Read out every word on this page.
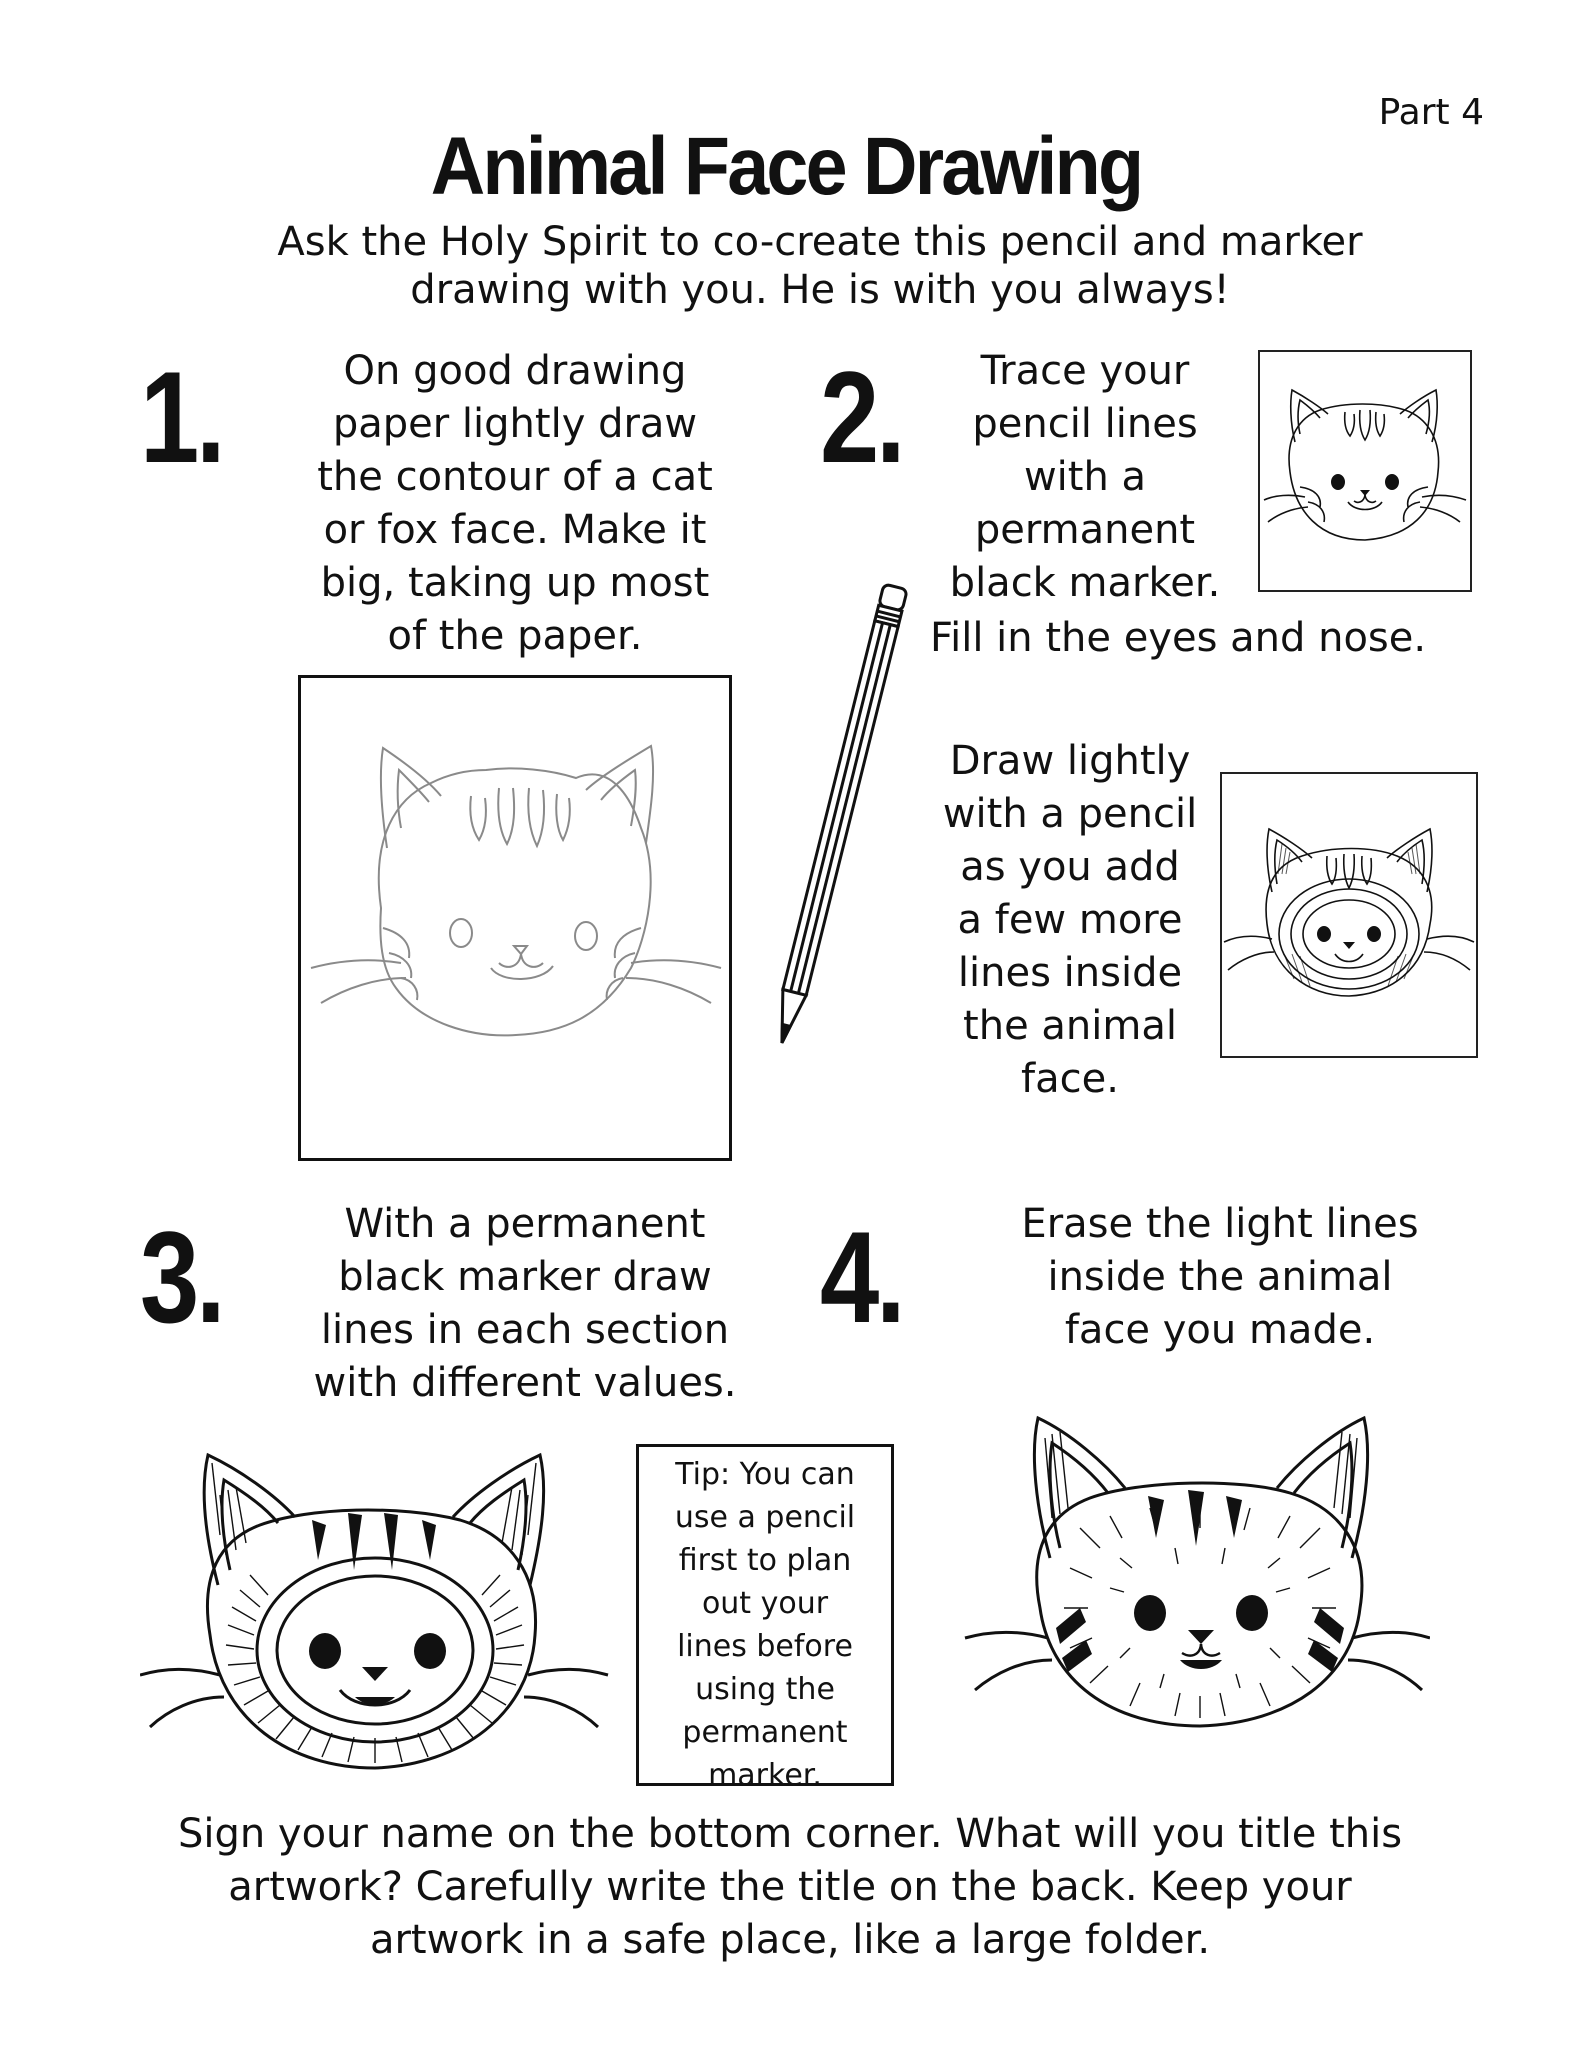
Part 4
Animal Face Drawing
Ask the Holy Spirit to co-create this pencil and marker
drawing with you. He is with you always!
1.	On good drawing
paper lightly draw
the contour of a cat
or fox face. Make it
big, taking up most
of the paper.
2.	Trace your
pencil lines
with a
permanent
black marker.
Fill in the eyes and nose.
Draw lightly
with a pencil
as you add
a few more
lines inside
the animal
face.
3.	With a permanent
black marker draw
lines in each section
with different values.
4.	Erase the light lines
inside the animal
face you made.
Tip: You can
use a pencil
first to plan
out your
lines before
using the
permanent
marker.
Sign your name on the bottom corner. What will you title this
artwork? Carefully write the title on the back. Keep your
artwork in a safe place, like a large folder.
